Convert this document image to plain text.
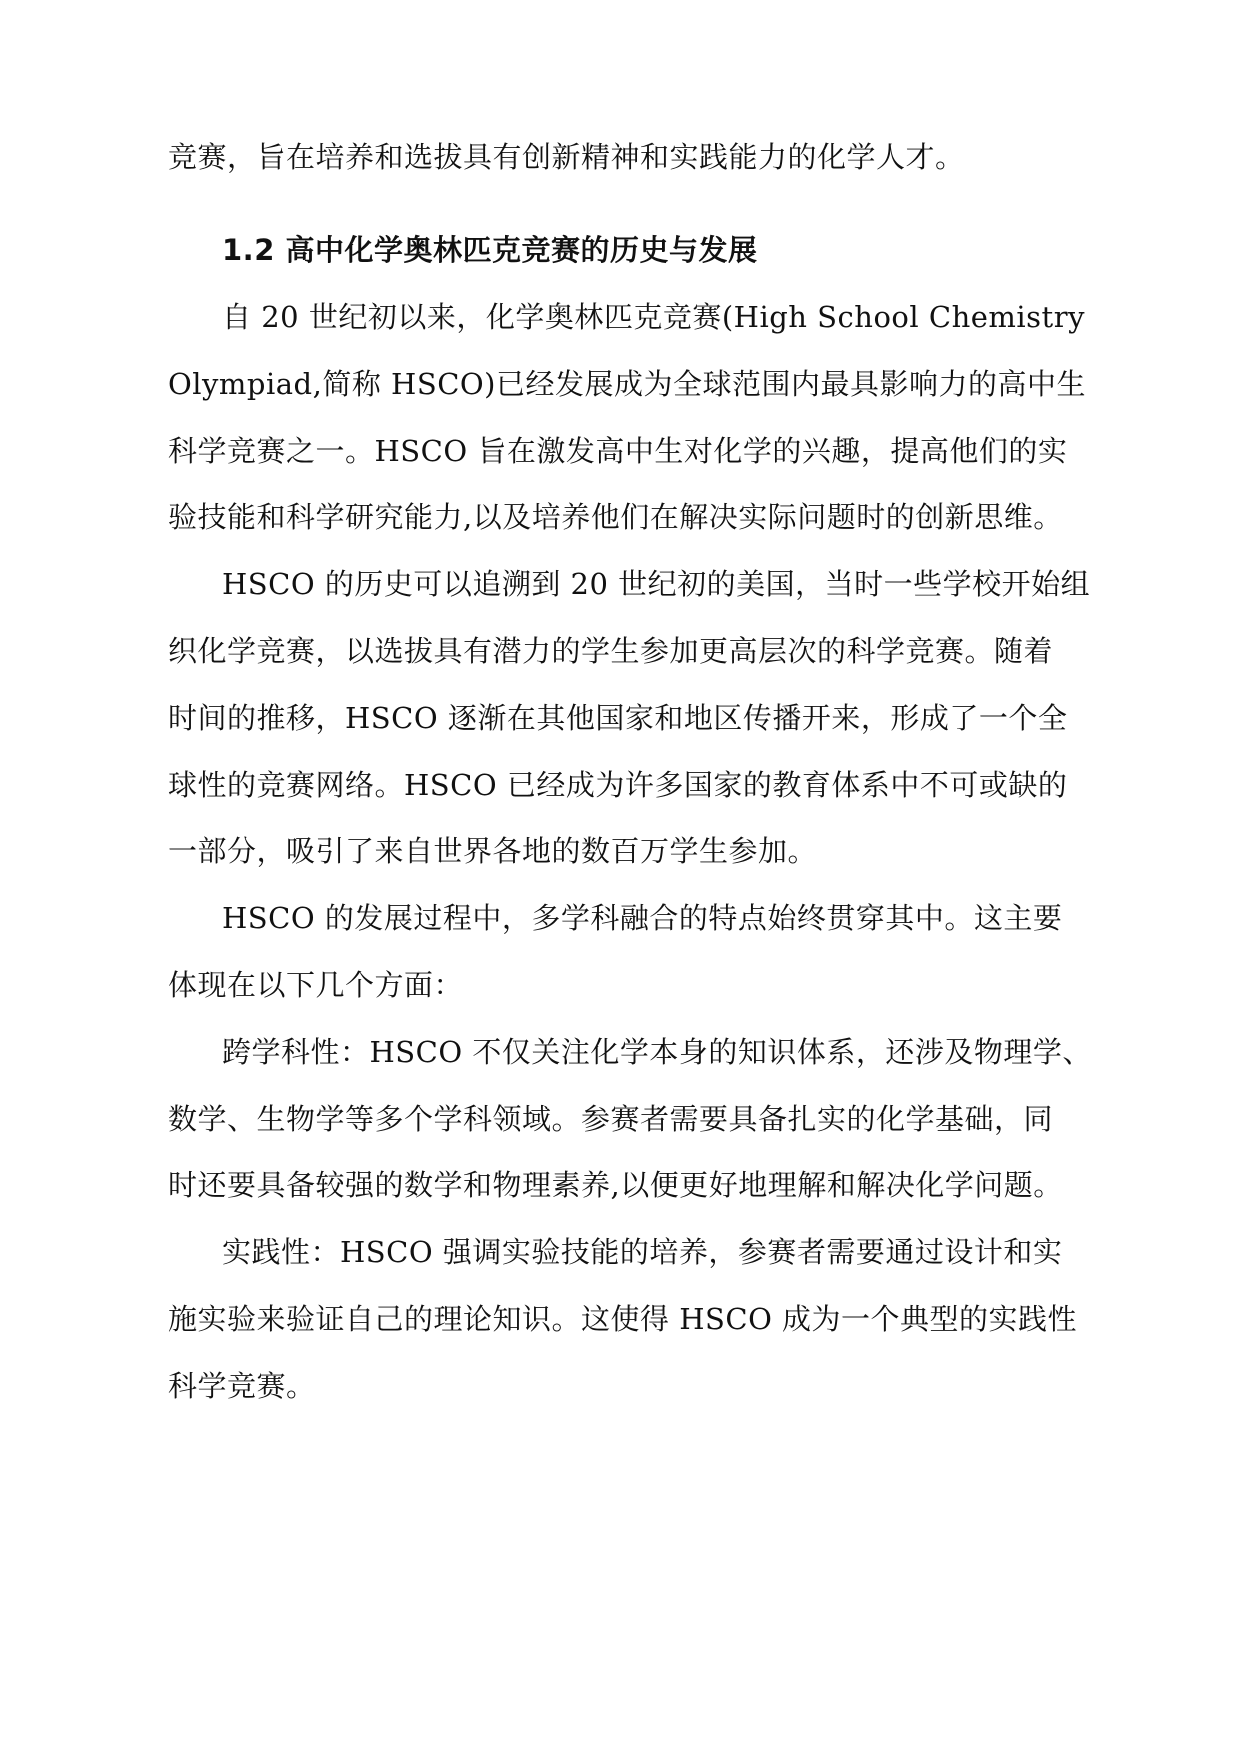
竞赛，旨在培养和选拔具有创新精神和实践能力的化学人才。
1.2 高中化学奥林匹克竞赛的历史与发展
自 20 世纪初以来，化学奥林匹克竞赛(High School Chemistry
Olympiad,简称 HSCO)已经发展成为全球范围内最具影响力的高中生
科学竞赛之一。HSCO 旨在激发高中生对化学的兴趣，提高他们的实
验技能和科学研究能力,以及培养他们在解决实际问题时的创新思维。
HSCO 的历史可以追溯到 20 世纪初的美国，当时一些学校开始组
织化学竞赛，以选拔具有潜力的学生参加更高层次的科学竞赛。随着
时间的推移，HSCO 逐渐在其他国家和地区传播开来，形成了一个全
球性的竞赛网络。HSCO 已经成为许多国家的教育体系中不可或缺的
一部分，吸引了来自世界各地的数百万学生参加。
HSCO 的发展过程中，多学科融合的特点始终贯穿其中。这主要
体现在以下几个方面：
跨学科性：HSCO 不仅关注化学本身的知识体系，还涉及物理学、
数学、生物学等多个学科领域。参赛者需要具备扎实的化学基础，同
时还要具备较强的数学和物理素养,以便更好地理解和解决化学问题。
实践性：HSCO 强调实验技能的培养，参赛者需要通过设计和实
施实验来验证自己的理论知识。这使得 HSCO 成为一个典型的实践性
科学竞赛。
